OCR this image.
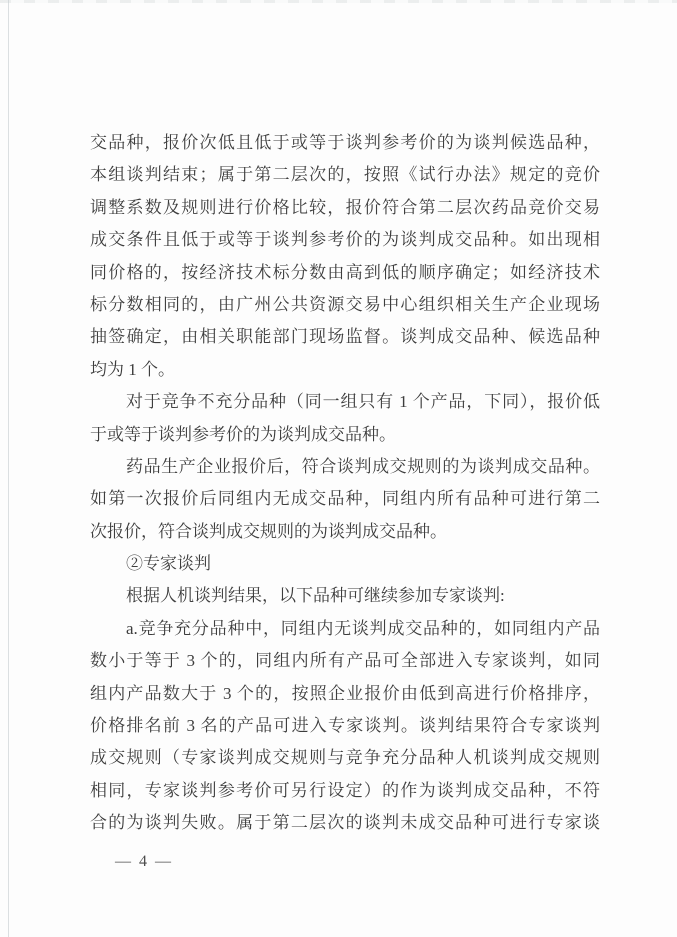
交品种，报价次低且低于或等于谈判参考价的为谈判候选品种，
本组谈判结束；属于第二层次的，按照《试行办法》规定的竞价
调整系数及规则进行价格比较，报价符合第二层次药品竞价交易
成交条件且低于或等于谈判参考价的为谈判成交品种。如出现相
同价格的，按经济技术标分数由高到低的顺序确定；如经济技术
标分数相同的，由广州公共资源交易中心组织相关生产企业现场
抽签确定，由相关职能部门现场监督。谈判成交品种、候选品种
均为 1 个。
对于竞争不充分品种（同一组只有 1 个产品，下同），报价低
于或等于谈判参考价的为谈判成交品种。
药品生产企业报价后，符合谈判成交规则的为谈判成交品种。
如第一次报价后同组内无成交品种，同组内所有品种可进行第二
次报价，符合谈判成交规则的为谈判成交品种。
②专家谈判
根据人机谈判结果，以下品种可继续参加专家谈判:
a.竞争充分品种中，同组内无谈判成交品种的，如同组内产品
数小于等于 3 个的，同组内所有产品可全部进入专家谈判，如同
组内产品数大于 3 个的，按照企业报价由低到高进行价格排序，
价格排名前 3 名的产品可进入专家谈判。谈判结果符合专家谈判
成交规则（专家谈判成交规则与竞争充分品种人机谈判成交规则
相同，专家谈判参考价可另行设定）的作为谈判成交品种，不符
合的为谈判失败。属于第二层次的谈判未成交品种可进行专家谈
— 4 —
